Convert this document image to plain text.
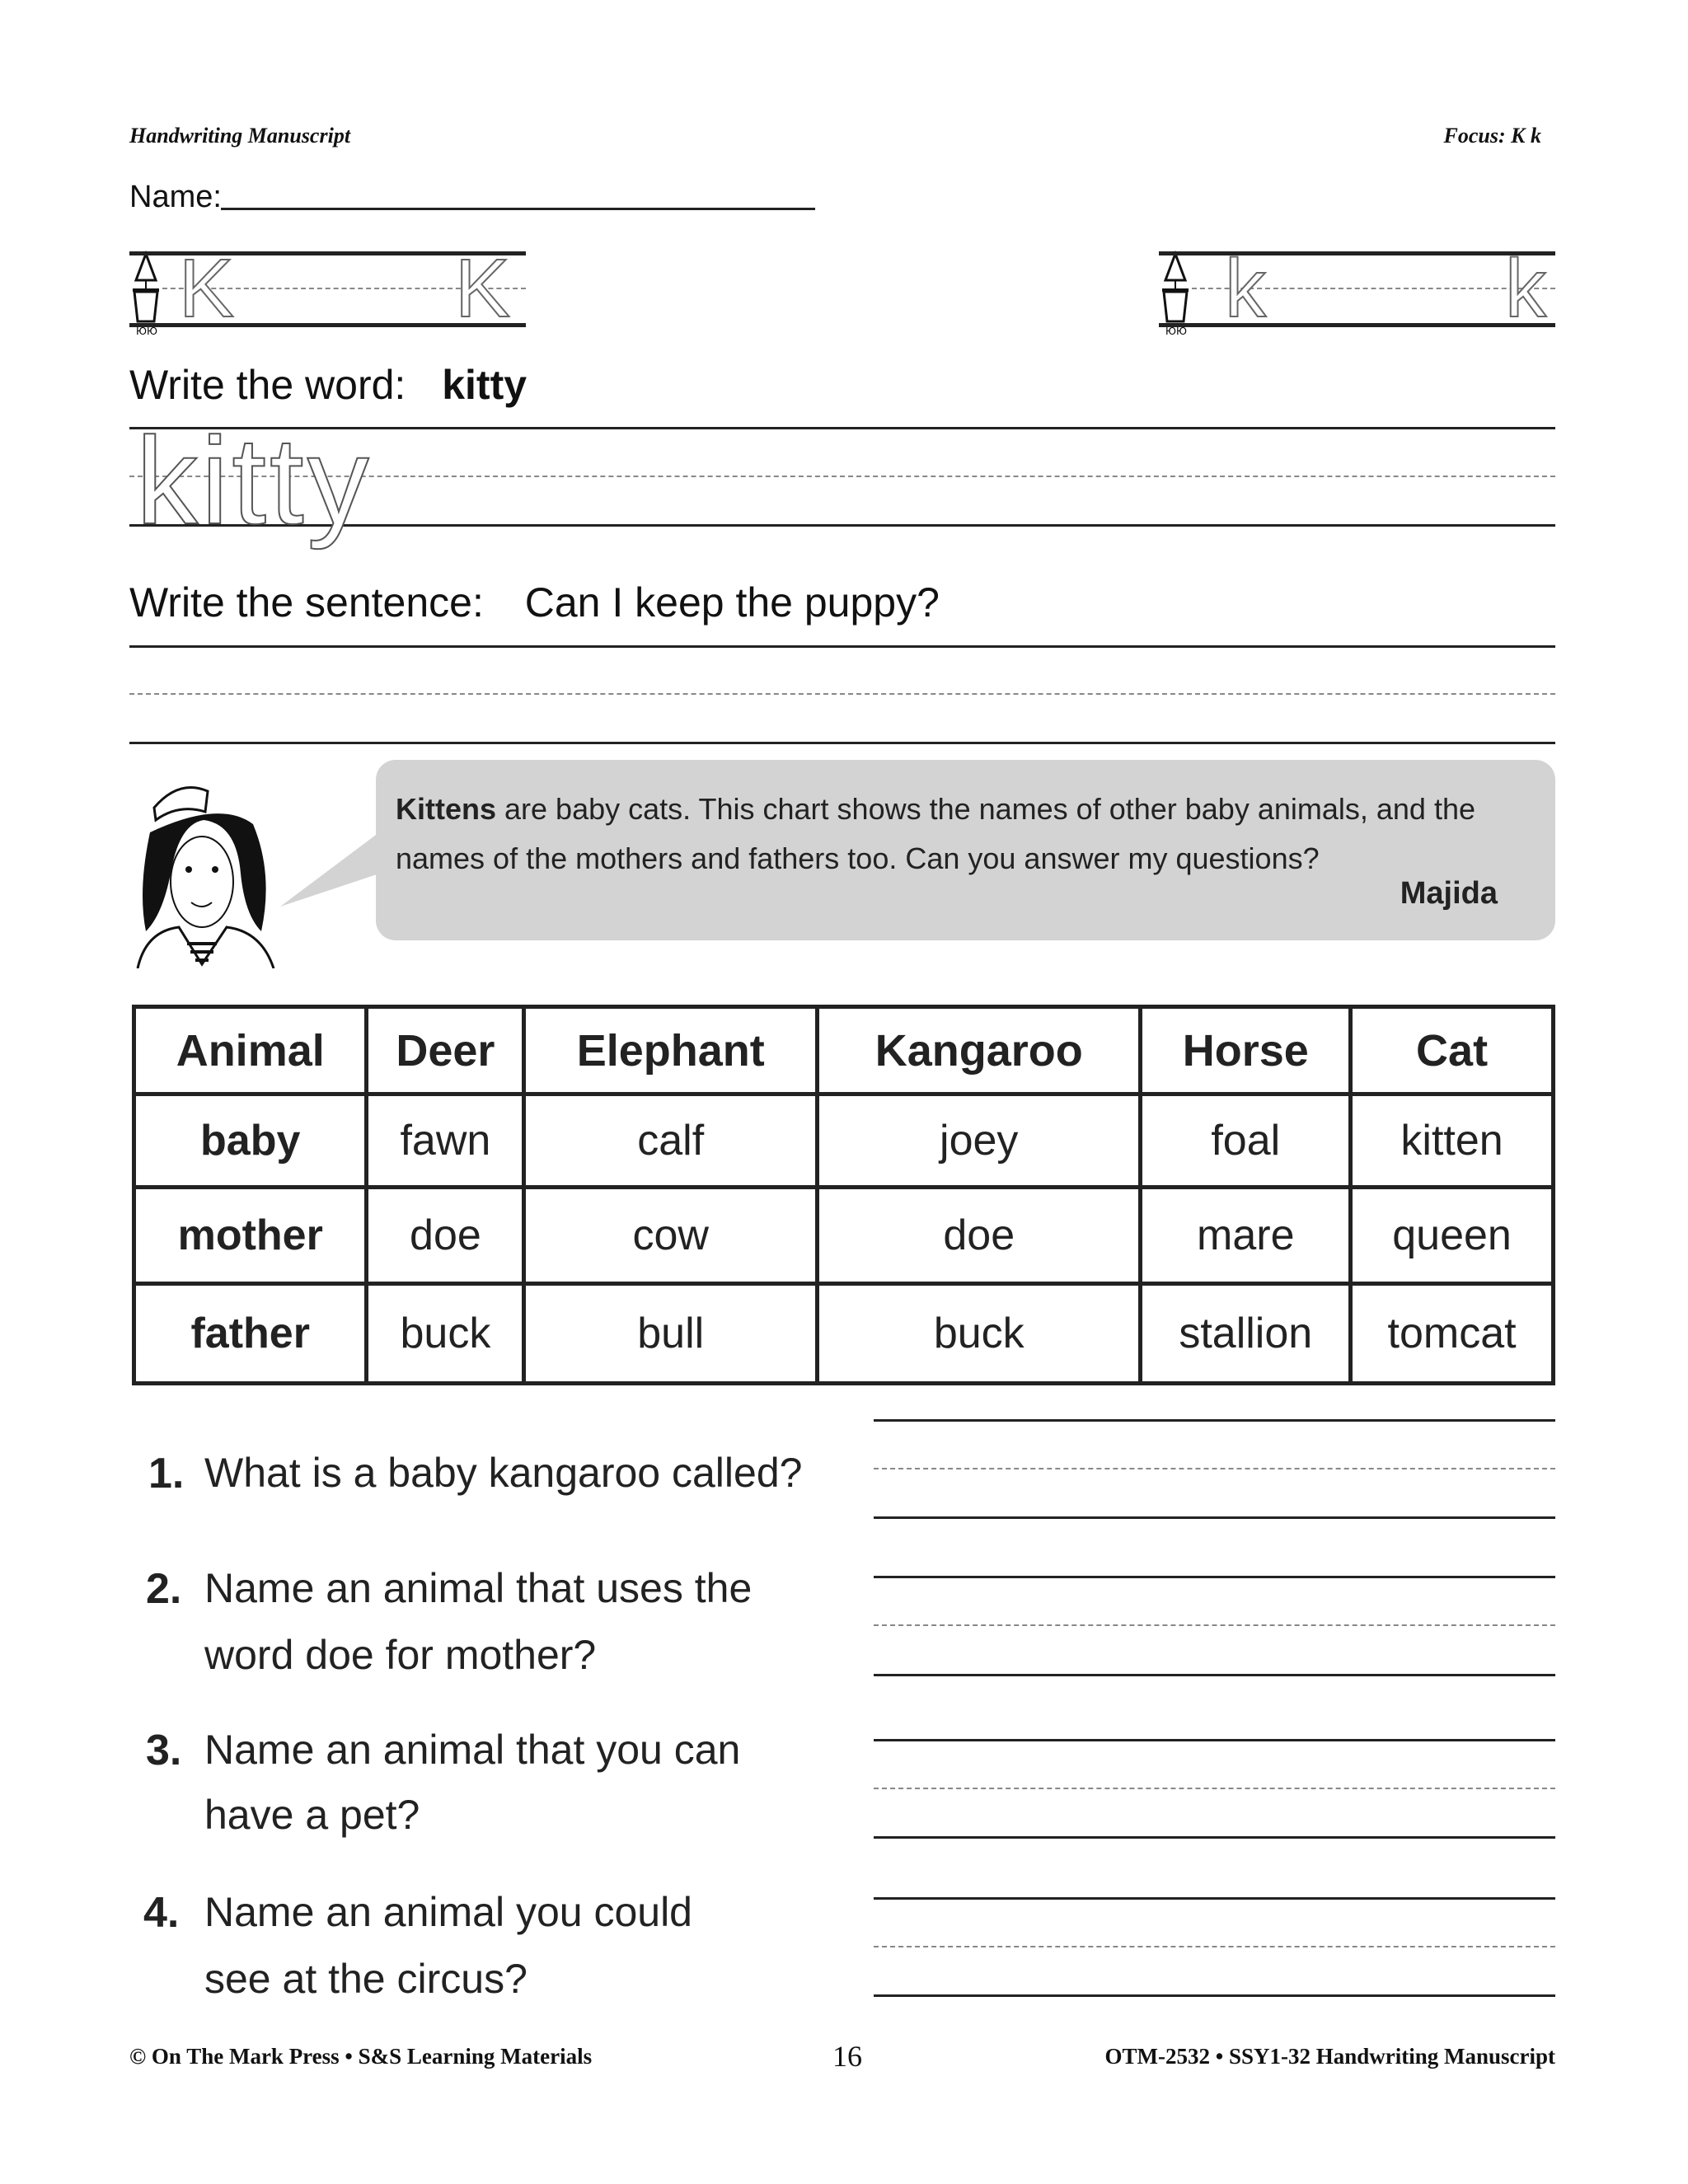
Handwriting Manuscript	Focus: K k
Name:
ЮЮ K	K	ЮЮ k	k
Write the word: kitty
kitty
Write the sentence: Can I keep the puppy?
Kittens are baby cats. This chart shows the names of other baby animals, and the names of the mothers and fathers too. Can you answer my questions?
Majida
Animal	Deer	Elephant	Kangaroo	Horse	Cat
baby	fawn	calf	joey	foal	kitten
mother	doe	cow	doe	mare	queen
father	buck	bull	buck	stallion	tomcat
1. What is a baby kangaroo called?
2. Name an animal that uses the
word doe for mother?
3. Name an animal that you can
have a pet?
4. Name an animal you could
see at the circus?
© On The Mark Press • S&S Learning Materials	16	OTM-2532 • SSY1-32 Handwriting Manuscript
